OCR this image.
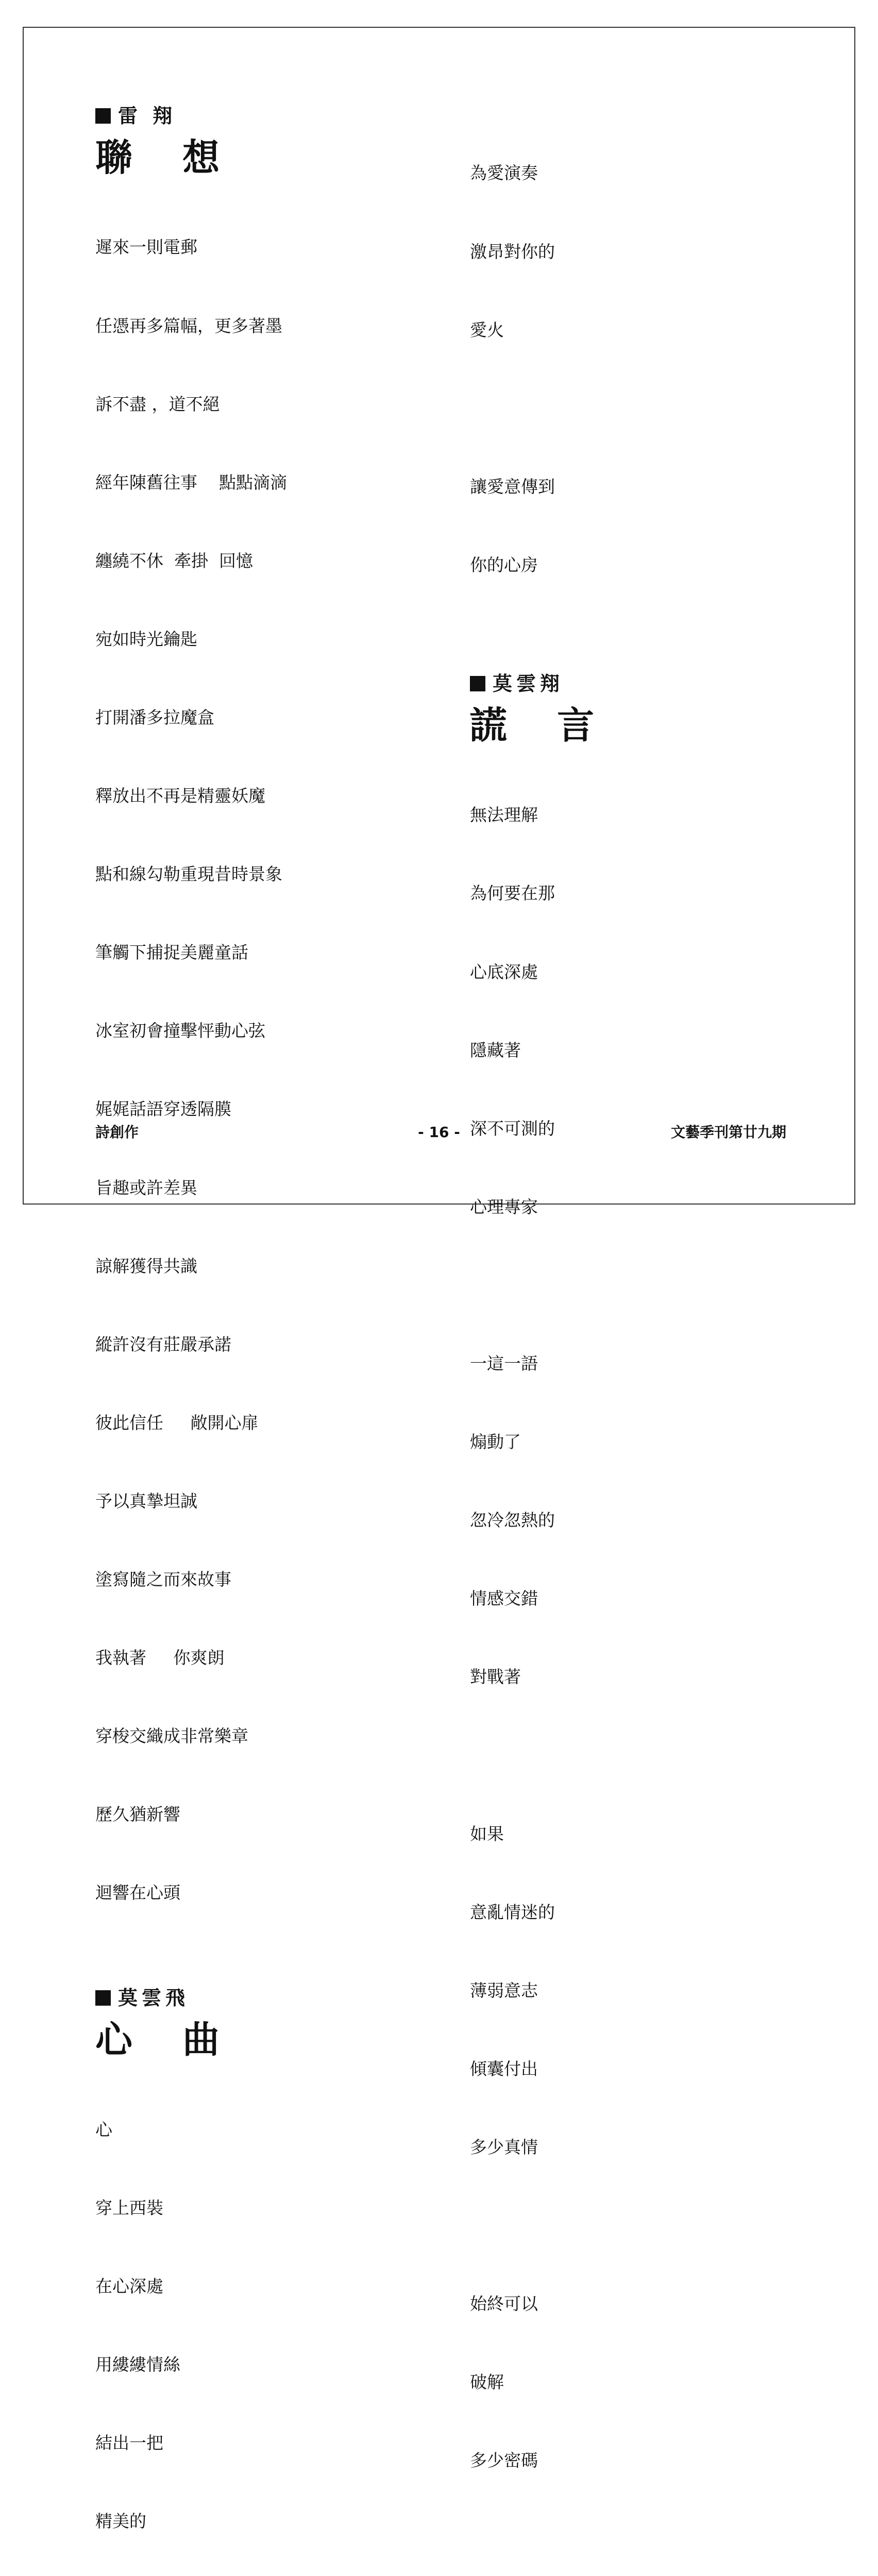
雷 翔
聯 想

遲來一則電郵

任憑再多篇幅，更多著墨

訴不盡 ，道不絕

經年陳舊往事    點點滴滴

纏繞不休  牽掛  回憶

宛如時光鑰匙

打開潘多拉魔盒

釋放出不再是精靈妖魔

點和線勾勒重現昔時景象

筆觸下捕捉美麗童話

冰室初會撞擊怦動心弦

娓娓話語穿透隔膜

旨趣或許差異

諒解獲得共識

縱許沒有莊嚴承諾

彼此信任     敞開心扉

予以真摯坦誠

塗寫隨之而來故事

我執著     你爽朗

穿梭交織成非常樂章

歷久猶新響

迴響在心頭

莫雲飛
心 曲

心

穿上西裝

在心深處

用縷縷情絲

結出一把

精美的

為愛演奏

激昂對你的

愛火

讓愛意傳到

你的心房

莫雲翔
謊 言

無法理解

為何要在那

心底深處

隱藏著

深不可測的

心理專家

一這一語

煽動了

忽冷忽熱的

情感交錯

對戰著

如果

意亂情迷的

薄弱意志

傾囊付出

多少真情

始終可以

破解

多少密碼

詩創作	- 16 -	文藝季刊第廿九期
